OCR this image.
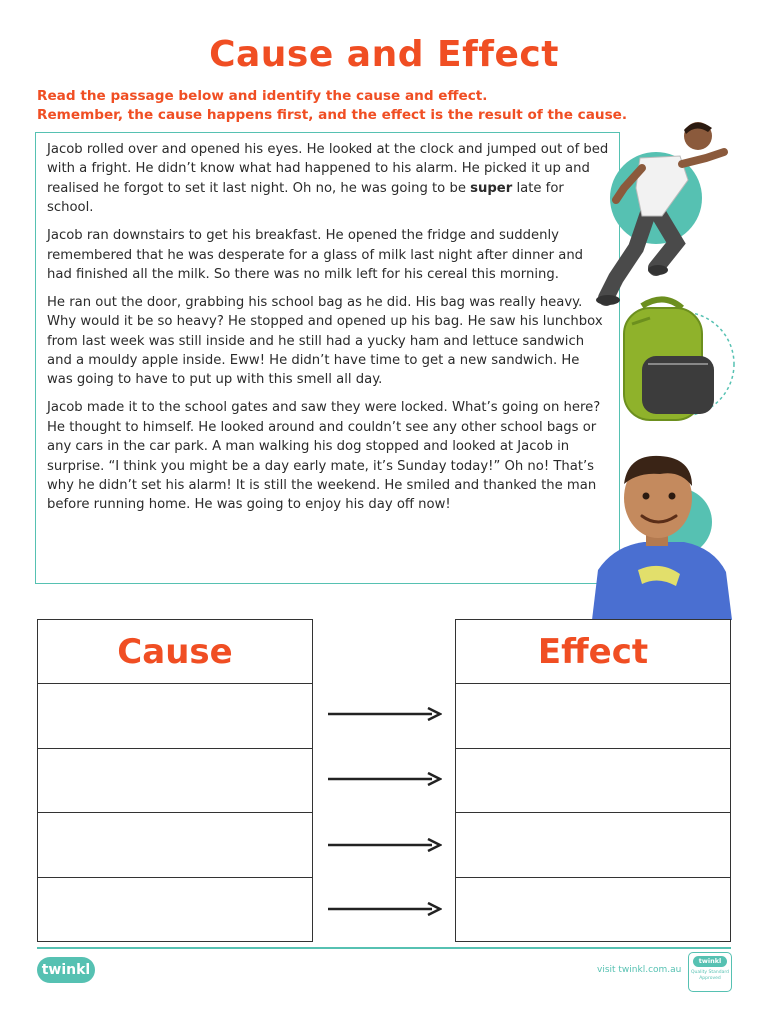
Cause and Effect
Read the passage below and identify the cause and effect.
Remember, the cause happens first, and the effect is the result of the cause.

Jacob rolled over and opened his eyes. He looked at the clock and jumped out of bed with a fright. He didn’t know what had happened to his alarm. He picked it up and realised he forgot to set it last night. Oh no, he was going to be super late for school.

Jacob ran downstairs to get his breakfast. He opened the fridge and suddenly remembered that he was desperate for a glass of milk last night after dinner and had finished all the milk. So there was no milk left for his cereal this morning.

He ran out the door, grabbing his school bag as he did. His bag was really heavy. Why would it be so heavy? He stopped and opened up his bag. He saw his lunchbox from last week was still inside and he still had a yucky ham and lettuce sandwich and a mouldy apple inside. Eww! He didn’t have time to get a new sandwich. He was going to have to put up with this smell all day.

Jacob made it to the school gates and saw they were locked. What’s going on here? He thought to himself. He looked around and couldn’t see any other school bags or any cars in the car park. A man walking his dog stopped and looked at Jacob in surprise. “I think you might be a day early mate, it’s Sunday today!” Oh no! That’s why he didn’t set his alarm! It is still the weekend. He smiled and thanked the man before running home. He was going to enjoy his day off now!

Cause	Effect
twinkl	visit twinkl.com.au
twinkl
Quality Standard Approved
